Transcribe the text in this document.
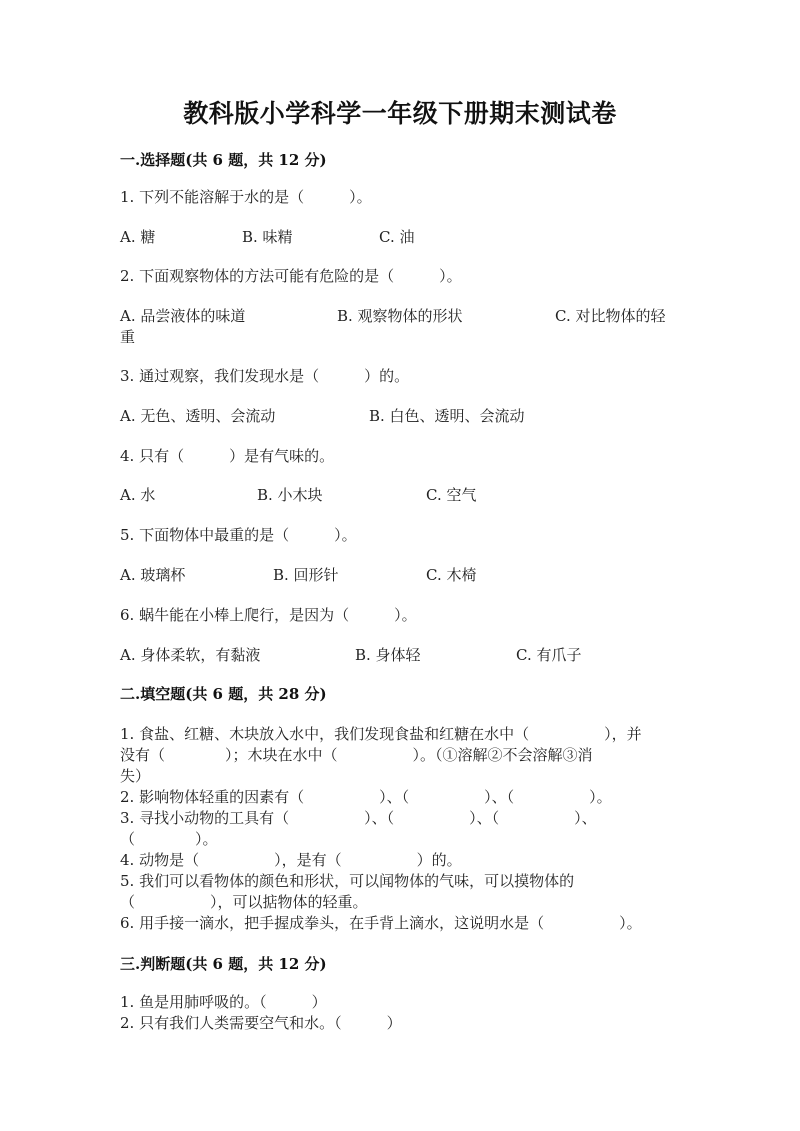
教科版小学科学一年级下册期末测试卷
一.选择题(共 6 题，共 12 分)
1. 下列不能溶解于水的是（　　　）。
A. 糖	B. 味精	C. 油
2. 下面观察物体的方法可能有危险的是（　　　）。
A. 品尝液体的味道	B. 观察物体的形状	C. 对比物体的轻
重
3. 通过观察，我们发现水是（　　　）的。
A. 无色、透明、会流动	B. 白色、透明、会流动
4. 只有（　　　）是有气味的。
A. 水	B. 小木块	C. 空气
5. 下面物体中最重的是（　　　）。
A. 玻璃杯	B. 回形针	C. 木椅
6. 蜗牛能在小棒上爬行，是因为（　　　）。
A. 身体柔软，有黏液	B. 身体轻	C. 有爪子
二.填空题(共 6 题，共 28 分)
1. 食盐、红糖、木块放入水中，我们发现食盐和红糖在水中（　　　　　），并
没有（　　　　）；木块在水中（　　　　　）。（①溶解②不会溶解③消
失）
2. 影响物体轻重的因素有（　　　　　）、（　　　　　）、（　　　　　）。
3. 寻找小动物的工具有（　　　　　）、（　　　　　）、（　　　　　）、
（　　　　）。
4. 动物是（　　　　　），是有（　　　　　）的。
5. 我们可以看物体的颜色和形状，可以闻物体的气味，可以摸物体的
（　　　　　），可以掂物体的轻重。
6. 用手接一滴水，把手握成拳头，在手背上滴水，这说明水是（　　　　　）。
三.判断题(共 6 题，共 12 分)
1. 鱼是用肺呼吸的。（　　　）
2. 只有我们人类需要空气和水。（　　　）
